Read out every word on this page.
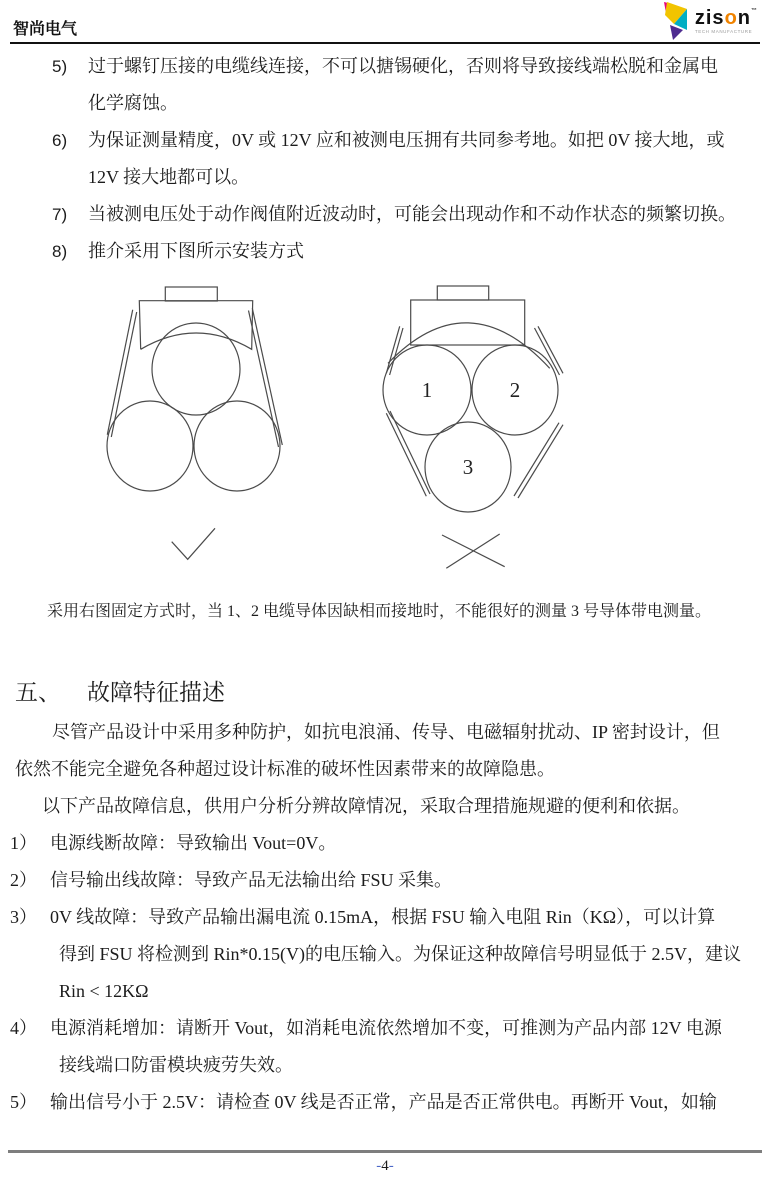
智尚电气
zison™
TECH MANUFACTURE
5) 过于螺钉压接的电缆线连接，不可以搪锡硬化，否则将导致接线端松脱和金属电
化学腐蚀。
6) 为保证测量精度，0V 或 12V 应和被测电压拥有共同参考地。如把 0V 接大地，或
12V 接大地都可以。
7) 当被测电压处于动作阀值附近波动时，可能会出现动作和不动作状态的频繁切换。
8) 推介采用下图所示安装方式
1	2
3
采用右图固定方式时，当 1、2 电缆导体因缺相而接地时，不能很好的测量 3 号导体带电测量。
五、 故障特征描述
尽管产品设计中采用多种防护，如抗电浪涌、传导、电磁辐射扰动、IP 密封设计，但
依然不能完全避免各种超过设计标准的破坏性因素带来的故障隐患。
以下产品故障信息，供用户分析分辨故障情况，采取合理措施规避的便利和依据。
1） 电源线断故障：导致输出 Vout=0V。
2） 信号输出线故障：导致产品无法输出给 FSU 采集。
3） 0V 线故障：导致产品输出漏电流 0.15mA，根据 FSU 输入电阻 Rin（KΩ），可以计算
得到 FSU 将检测到 Rin*0.15(V)的电压输入。为保证这种故障信号明显低于 2.5V，建议
Rin < 12KΩ
4） 电源消耗增加：请断开 Vout，如消耗电流依然增加不变，可推测为产品内部 12V 电源
接线端口防雷模块疲劳失效。
5） 输出信号小于 2.5V：请检查 0V 线是否正常，产品是否正常供电。再断开 Vout，如输
-4-
